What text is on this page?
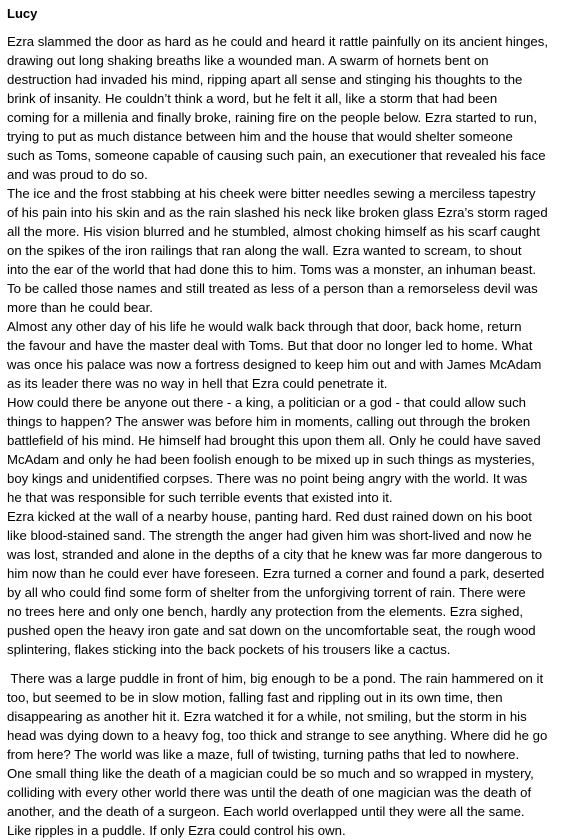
Lucy

Ezra slammed the door as hard as he could and heard it rattle painfully on its ancient hinges,
drawing out long shaking breaths like a wounded man. A swarm of hornets bent on
destruction had invaded his mind, ripping apart all sense and stinging his thoughts to the
brink of insanity. He couldn’t think a word, but he felt it all, like a storm that had been
coming for a millenia and finally broke, raining fire on the people below. Ezra started to run,
trying to put as much distance between him and the house that would shelter someone
such as Toms, someone capable of causing such pain, an executioner that revealed his face
and was proud to do so.

The ice and the frost stabbing at his cheek were bitter needles sewing a merciless tapestry
of his pain into his skin and as the rain slashed his neck like broken glass Ezra’s storm raged
all the more. His vision blurred and he stumbled, almost choking himself as his scarf caught
on the spikes of the iron railings that ran along the wall. Ezra wanted to scream, to shout
into the ear of the world that had done this to him. Toms was a monster, an inhuman beast.
To be called those names and still treated as less of a person than a remorseless devil was
more than he could bear.

Almost any other day of his life he would walk back through that door, back home, return
the favour and have the master deal with Toms. But that door no longer led to home. What
was once his palace was now a fortress designed to keep him out and with James McAdam
as its leader there was no way in hell that Ezra could penetrate it.

How could there be anyone out there - a king, a politician or a god - that could allow such
things to happen? The answer was before him in moments, calling out through the broken
battlefield of his mind. He himself had brought this upon them all. Only he could have saved
McAdam and only he had been foolish enough to be mixed up in such things as mysteries,
boy kings and unidentified corpses. There was no point being angry with the world. It was
he that was responsible for such terrible events that existed into it.

Ezra kicked at the wall of a nearby house, panting hard. Red dust rained down on his boot
like blood-stained sand. The strength the anger had given him was short-lived and now he
was lost, stranded and alone in the depths of a city that he knew was far more dangerous to
him now than he could ever have foreseen. Ezra turned a corner and found a park, deserted
by all who could find some form of shelter from the unforgiving torrent of rain. There were
no trees here and only one bench, hardly any protection from the elements. Ezra sighed,
pushed open the heavy iron gate and sat down on the uncomfortable seat, the rough wood
splintering, flakes sticking into the back pockets of his trousers like a cactus.

There was a large puddle in front of him, big enough to be a pond. The rain hammered on it
too, but seemed to be in slow motion, falling fast and rippling out in its own time, then
disappearing as another hit it. Ezra watched it for a while, not smiling, but the storm in his
head was dying down to a heavy fog, too thick and strange to see anything. Where did he go
from here? The world was like a maze, full of twisting, turning paths that led to nowhere.
One small thing like the death of a magician could be so much and so wrapped in mystery,
colliding with every other world there was until the death of one magician was the death of
another, and the death of a surgeon. Each world overlapped until they were all the same.
Like ripples in a puddle. If only Ezra could control his own.
